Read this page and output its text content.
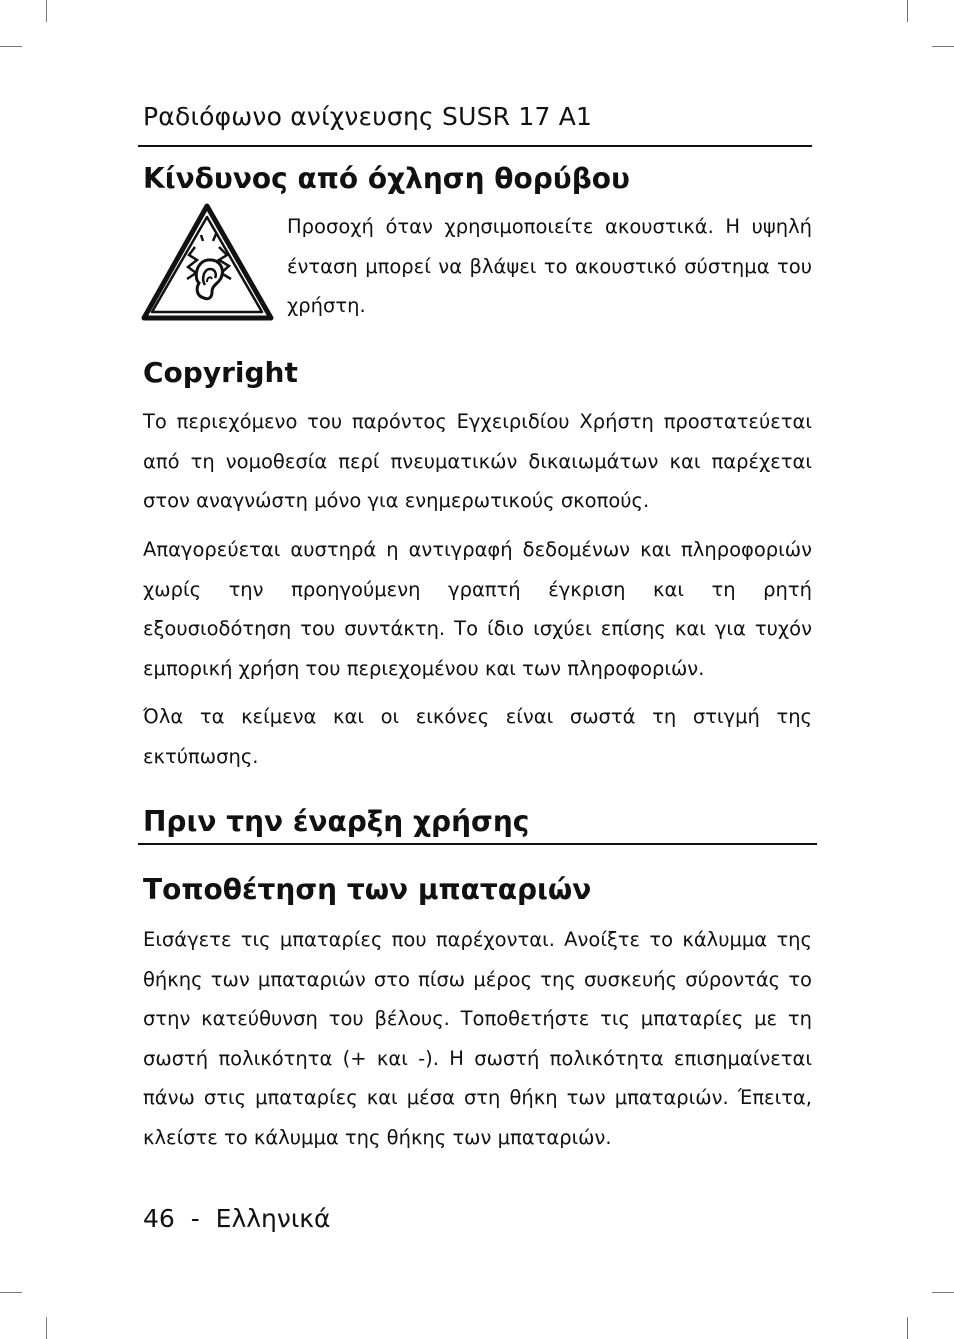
Ραδιόφωνο ανίχνευσης SUSR 17 A1
Κίνδυνος από όχληση θορύβου

Προσοχή όταν χρησιμοποιείτε ακουστικά. Η υψηλή ένταση μπορεί να βλάψει το ακουστικό σύστημα του χρήστη.

Copyright

Το περιεχόμενο του παρόντος Εγχειριδίου Χρήστη προστατεύεται από τη νομοθεσία περί πνευματικών δικαιωμάτων και παρέχεται στον αναγνώστη μόνο για ενημερωτικούς σκοπούς.

Απαγορεύεται αυστηρά η αντιγραφή δεδομένων και πληροφοριών χωρίς την προηγούμενη γραπτή έγκριση και τη ρητή εξουσιοδότηση του συντάκτη. Το ίδιο ισχύει επίσης και για τυχόν εμπορική χρήση του περιεχομένου και των πληροφοριών.

Όλα τα κείμενα και οι εικόνες είναι σωστά τη στιγμή της εκτύπωσης.

Πριν την έναρξη χρήσης
Τοποθέτηση των μπαταριών

Εισάγετε τις μπαταρίες που παρέχονται. Ανοίξτε το κάλυμμα της θήκης των μπαταριών στο πίσω μέρος της συσκευής σύροντάς το στην κατεύθυνση του βέλους. Τοποθετήστε τις μπαταρίες με τη σωστή πολικότητα (+ και -). Η σωστή πολικότητα επισημαίνεται πάνω στις μπαταρίες και μέσα στη θήκη των μπαταριών. Έπειτα, κλείστε το κάλυμμα της θήκης των μπαταριών.

46 - Ελληνικά
